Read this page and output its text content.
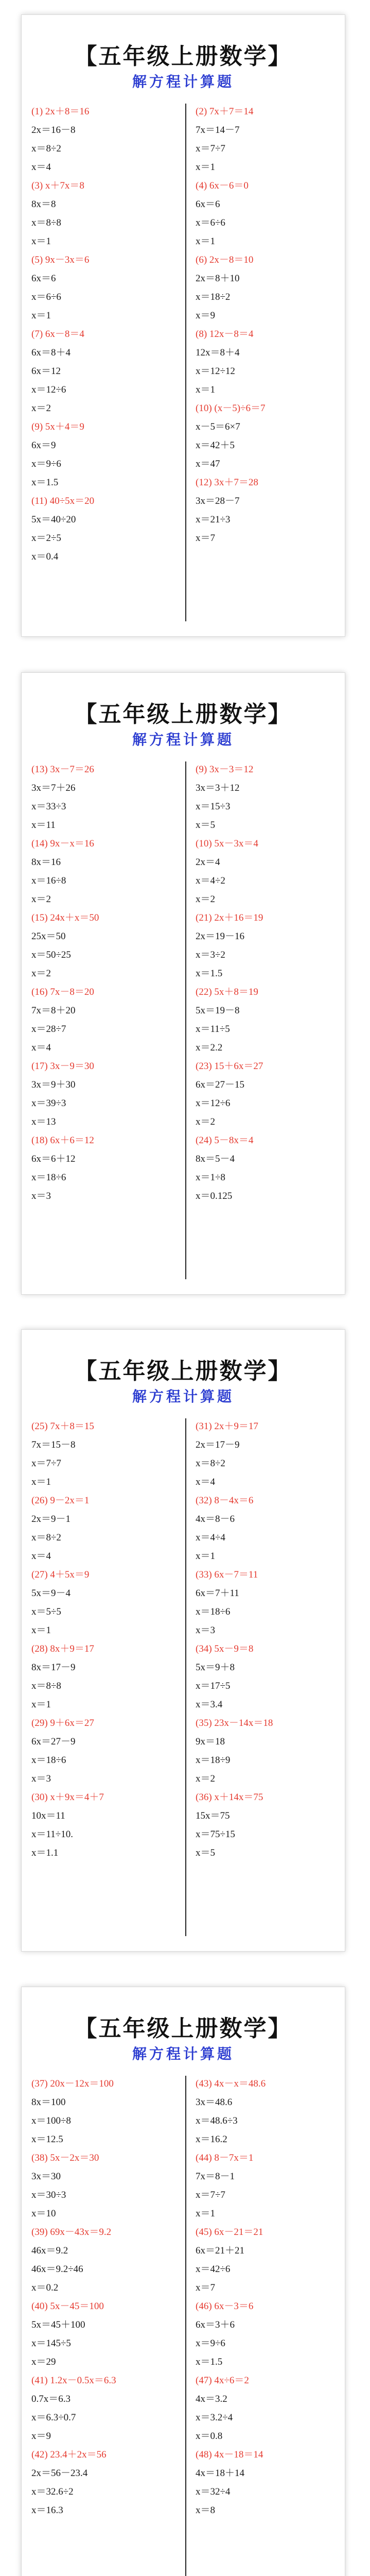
【五年级上册数学】
解方程计算题
(1) 2x＋8＝16
2x＝16－8
x＝8÷2
x＝4
(3) x＋7x＝8
8x＝8
x＝8÷8
x＝1
(5) 9x－3x＝6
6x＝6
x＝6÷6
x＝1
(7) 6x－8＝4
6x＝8＋4
6x＝12
x＝12÷6
x＝2
(9) 5x＋4＝9
6x＝9
x＝9÷6
x＝1.5
(11) 40÷5x＝20
5x＝40÷20
x＝2÷5
x＝0.4
(2) 7x＋7＝14
7x＝14－7
x＝7÷7
x＝1
(4) 6x－6＝0
6x＝6
x＝6÷6
x＝1
(6) 2x－8＝10
2x＝8＋10
x＝18÷2
x＝9
(8) 12x－8＝4
12x＝8＋4
x＝12÷12
x＝1
(10) (x－5)÷6＝7
x－5＝6×7
x＝42＋5
x＝47
(12) 3x＋7＝28
3x＝28－7
x＝21÷3
x＝7
【五年级上册数学】
解方程计算题
(13) 3x－7＝26
3x＝7＋26
x＝33÷3
x＝11
(14) 9x－x＝16
8x＝16
x＝16÷8
x＝2
(15) 24x＋x＝50
25x＝50
x＝50÷25
x＝2
(16) 7x－8＝20
7x＝8＋20
x＝28÷7
x＝4
(17) 3x－9＝30
3x＝9＋30
x＝39÷3
x＝13
(18) 6x＋6＝12
6x＝6＋12
x＝18÷6
x＝3
(9) 3x－3＝12
3x＝3＋12
x＝15÷3
x＝5
(10) 5x－3x＝4
2x＝4
x＝4÷2
x＝2
(21) 2x＋16＝19
2x＝19－16
x＝3÷2
x＝1.5
(22) 5x＋8＝19
5x＝19－8
x＝11÷5
x＝2.2
(23) 15＋6x＝27
6x＝27－15
x＝12÷6
x＝2
(24) 5－8x＝4
8x＝5－4
x＝1÷8
x＝0.125
【五年级上册数学】
解方程计算题
(25) 7x＋8＝15
7x＝15－8
x＝7÷7
x＝1
(26) 9－2x＝1
2x＝9－1
x＝8÷2
x＝4
(27) 4＋5x＝9
5x＝9－4
x＝5÷5
x＝1
(28) 8x＋9＝17
8x＝17－9
x＝8÷8
x＝1
(29) 9＋6x＝27
6x＝27－9
x＝18÷6
x＝3
(30) x＋9x＝4＋7
10x＝11
x＝11÷10.
x＝1.1
(31) 2x＋9＝17
2x＝17－9
x＝8÷2
x＝4
(32) 8－4x＝6
4x＝8－6
x＝4÷4
x＝1
(33) 6x－7＝11
6x＝7＋11
x＝18÷6
x＝3
(34) 5x－9＝8
5x＝9＋8
x＝17÷5
x＝3.4
(35) 23x－14x＝18
9x＝18
x＝18÷9
x＝2
(36) x＋14x＝75
15x＝75
x＝75÷15
x＝5
【五年级上册数学】
解方程计算题
(37) 20x－12x＝100
8x＝100
x＝100÷8
x＝12.5
(38) 5x－2x＝30
3x＝30
x＝30÷3
x＝10
(39) 69x－43x＝9.2
46x＝9.2
46x＝9.2÷46
x＝0.2
(40) 5x－45＝100
5x＝45＋100
x＝145÷5
x＝29
(41) 1.2x－0.5x＝6.3
0.7x＝6.3
x＝6.3÷0.7
x＝9
(42) 23.4＋2x＝56
2x＝56－23.4
x＝32.6÷2
x＝16.3
(43) 4x－x＝48.6
3x＝48.6
x＝48.6÷3
x＝16.2
(44) 8－7x＝1
7x＝8－1
x＝7÷7
x＝1
(45) 6x－21＝21
6x＝21＋21
x＝42÷6
x＝7
(46) 6x－3＝6
6x＝3＋6
x＝9÷6
x＝1.5
(47) 4x÷6＝2
4x＝3.2
x＝3.2÷4
x＝0.8
(48) 4x－18＝14
4x＝18＋14
x＝32÷4
x＝8
